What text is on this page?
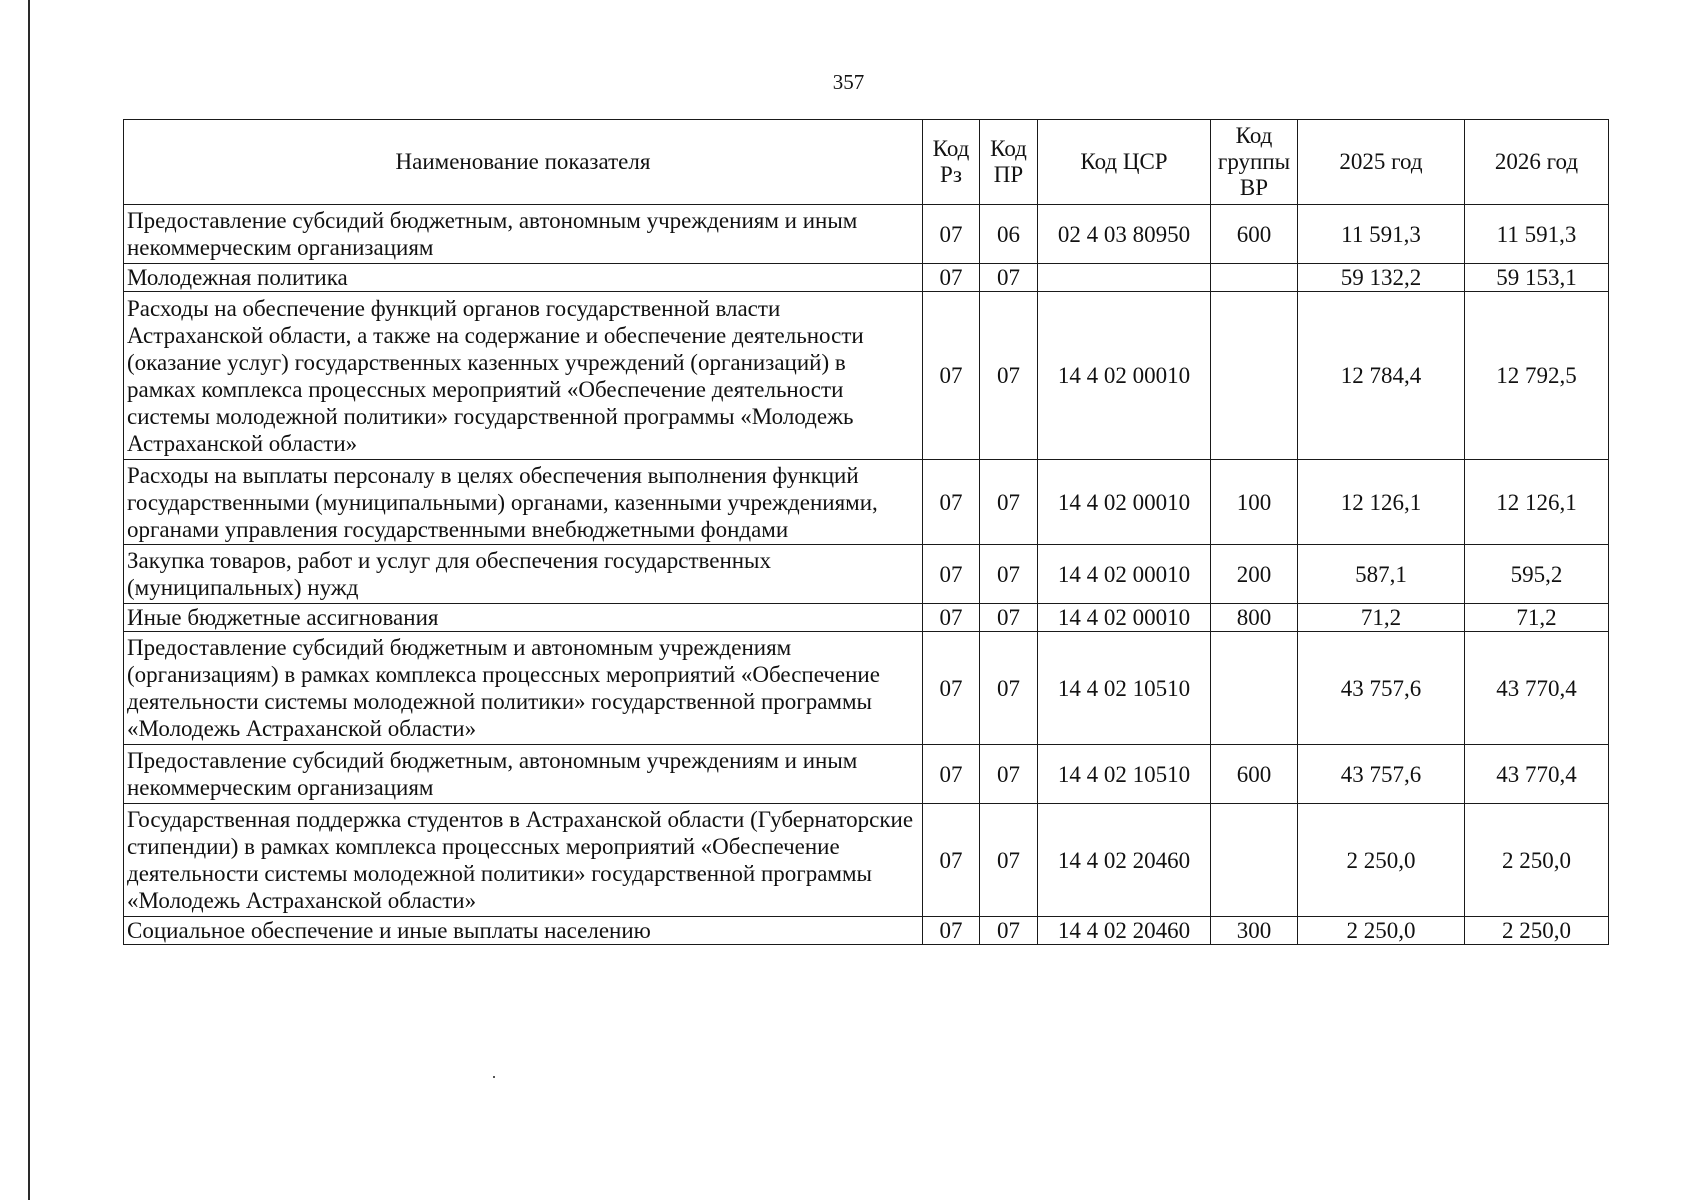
357
Наименование показателя	Код Рз	Код ПР	Код ЦСР	Код группы ВР	2025 год	2026 год
Предоставление субсидий бюджетным, автономным учреждениям и иным некоммерческим организациям	07	06	02 4 03 80950	600	11 591,3	11 591,3
Молодежная политика	07	07			59 132,2	59 153,1
Расходы на обеспечение функций органов государственной власти Астраханской области, а также на содержание и обеспечение деятельности (оказание услуг) государственных казенных учреждений (организаций) в рамках комплекса процессных мероприятий «Обеспечение деятельности системы молодежной политики» государственной программы «Молодежь Астраханской области»	07	07	14 4 02 00010		12 784,4	12 792,5
Расходы на выплаты персоналу в целях обеспечения выполнения функций государственными (муниципальными) органами, казенными учреждениями, органами управления государственными внебюджетными фондами	07	07	14 4 02 00010	100	12 126,1	12 126,1
Закупка товаров, работ и услуг для обеспечения государственных (муниципальных) нужд	07	07	14 4 02 00010	200	587,1	595,2
Иные бюджетные ассигнования	07	07	14 4 02 00010	800	71,2	71,2
Предоставление субсидий бюджетным и автономным учреждениям (организациям) в рамках комплекса процессных мероприятий «Обеспечение деятельности системы молодежной политики» государственной программы «Молодежь Астраханской области»	07	07	14 4 02 10510		43 757,6	43 770,4
Предоставление субсидий бюджетным, автономным учреждениям и иным некоммерческим организациям	07	07	14 4 02 10510	600	43 757,6	43 770,4
Государственная поддержка студентов в Астраханской области (Губернаторские стипендии) в рамках комплекса процессных мероприятий «Обеспечение деятельности системы молодежной политики» государственной программы «Молодежь Астраханской области»	07	07	14 4 02 20460		2 250,0	2 250,0
Социальное обеспечение и иные выплаты населению	07	07	14 4 02 20460	300	2 250,0	2 250,0
